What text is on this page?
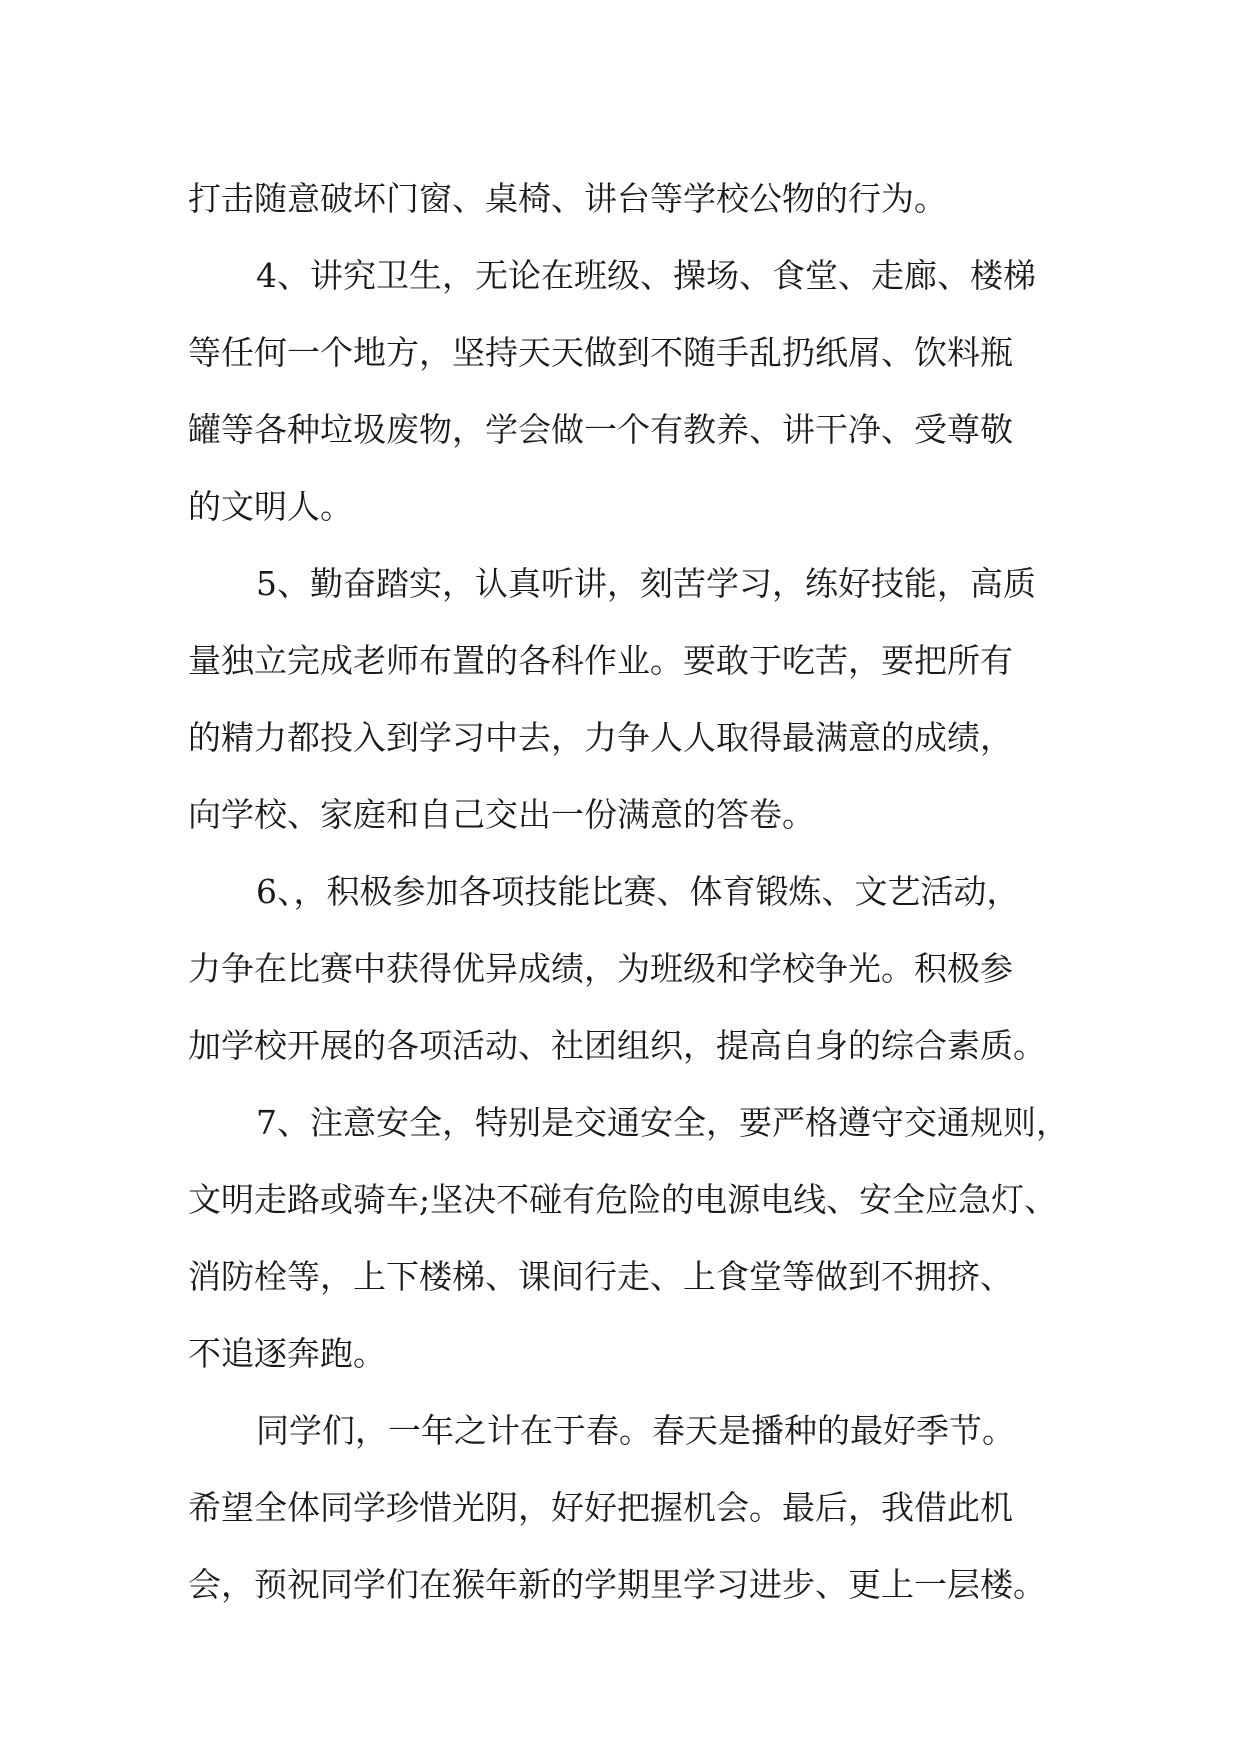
打击随意破坏门窗、桌椅、讲台等学校公物的行为。
4、讲究卫生，无论在班级、操场、食堂、走廊、楼梯
等任何一个地方，坚持天天做到不随手乱扔纸屑、饮料瓶
罐等各种垃圾废物，学会做一个有教养、讲干净、受尊敬
的文明人。
5、勤奋踏实，认真听讲，刻苦学习，练好技能，高质
量独立完成老师布置的各科作业。要敢于吃苦，要把所有
的精力都投入到学习中去，力争人人取得最满意的成绩，
向学校、家庭和自己交出一份满意的答卷。
6、，积极参加各项技能比赛、体育锻炼、文艺活动，
力争在比赛中获得优异成绩，为班级和学校争光。积极参
加学校开展的各项活动、社团组织，提高自身的综合素质。
7、注意安全，特别是交通安全，要严格遵守交通规则，
文明走路或骑车;坚决不碰有危险的电源电线、安全应急灯、
消防栓等，上下楼梯、课间行走、上食堂等做到不拥挤、
不追逐奔跑。
同学们，一年之计在于春。春天是播种的最好季节。
希望全体同学珍惜光阴，好好把握机会。最后，我借此机
会，预祝同学们在猴年新的学期里学习进步、更上一层楼。
